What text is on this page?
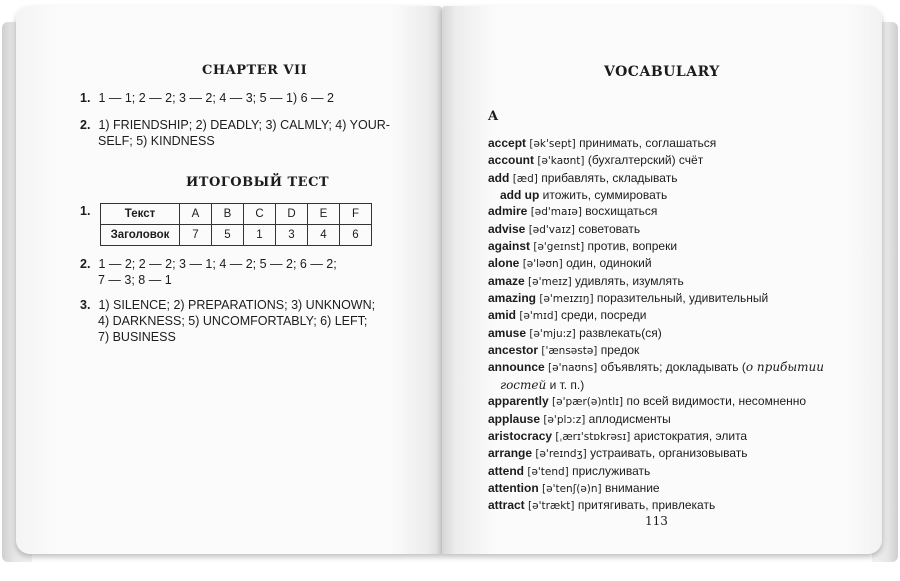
CHAPTER VII
1. 1 — 1; 2 — 2; 3 — 2; 4 — 3; 5 — 1) 6 — 2
2. 1) FRIENDSHIP; 2) DEADLY; 3) CALMLY; 4) YOUR-
SELF; 5) KINDNESS
ИТОГОВЫЙ ТЕСТ
1.	Текст	A	B	C	D	E	F
Заголовок	7	5	1	3	4	6
2. 1 — 2; 2 — 2; 3 — 1; 4 — 2; 5 — 2; 6 — 2;
7 — 3; 8 — 1
3. 1) SILENCE; 2) PREPARATIONS; 3) UNKNOWN;
4) DARKNESS; 5) UNCOMFORTABLY; 6) LEFT;
7) BUSINESS
VOCABULARY
A
accept [ək'sept] принимать, соглашаться
account [ə'kaʊnt] (бухгалтерский) счёт
add [æd] прибавлять, складывать
add up итожить, суммировать
admire [əd'maɪə] восхищаться
advise [əd'vaɪz] советовать
against [ə'geɪnst] против, вопреки
alone [ə'ləʊn] один, одинокий
amaze [ə'meɪz] удивлять, изумлять
amazing [ə'meɪzɪŋ] поразительный, удивительный
amid [ə'mɪd] среди, посреди
amuse [ə'mju:z] развлекать(ся)
ancestor ['ænsəstə] предок
announce [ə'naʊns] объявлять; докладывать (о прибытии
гостей и т. п.)
apparently [ə'pær(ə)ntlɪ] по всей видимости, несомненно
applause [ə'plɔ:z] аплодисменты
aristocracy [ˌærɪ'stɒkrəsɪ] аристократия, элита
arrange [ə'reɪndʒ] устраивать, организовывать
attend [ə'tend] прислуживать
attention [ə'tenʃ(ə)n] внимание
attract [ə'trækt] притягивать, привлекать
113
